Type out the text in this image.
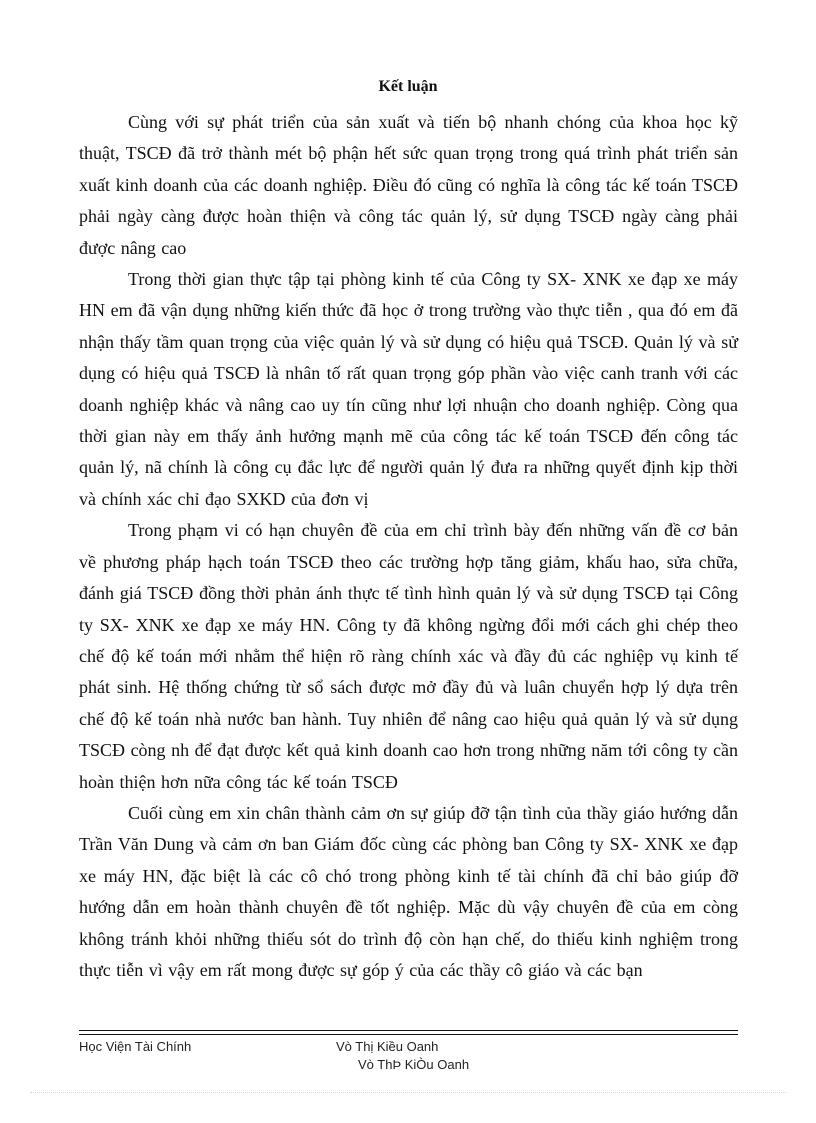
Kết luận

Cùng với sự phát triển của sản xuất và tiến bộ nhanh chóng của khoa học kỹ thuật, TSCĐ đã trở thành mét bộ phận hết sức quan trọng trong quá trình phát triển sản xuất kinh doanh của các doanh nghiệp. Điều đó cũng có nghĩa là công tác kế toán TSCĐ phải ngày càng được hoàn thiện và công tác quản lý, sử dụng TSCĐ ngày càng phải được nâng cao

Trong thời gian thực tập tại phòng kinh tế của Công ty SX- XNK xe đạp xe máy HN em đã vận dụng những kiến thức đã học ở trong trường vào thực tiễn , qua đó em đã nhận thấy tầm quan trọng của việc quản lý và sử dụng có hiệu quả TSCĐ. Quản lý và sử dụng có hiệu quả TSCĐ là nhân tố rất quan trọng góp phần vào việc canh tranh với các doanh nghiệp khác và nâng cao uy tín cũng như lợi nhuận cho doanh nghiệp. Còng qua thời gian này em thấy ảnh hưởng mạnh mẽ của công tác kế toán TSCĐ đến công tác quản lý, nã chính là công cụ đắc lực để người quản lý đưa ra những quyết định kịp thời và chính xác chỉ đạo SXKD của đơn vị

Trong phạm vi có hạn chuyên đề của em chỉ trình bày đến những vấn đề cơ bản về phương pháp hạch toán TSCĐ theo các trường hợp tăng giảm, khấu hao, sửa chữa, đánh giá TSCĐ đồng thời phản ánh thực tế tình hình quản lý và sử dụng TSCĐ tại Công ty SX- XNK xe đạp xe máy HN. Công ty đã không ngừng đổi mới cách ghi chép theo chế độ kế toán mới nhằm thể hiện rõ ràng chính xác và đầy đủ các nghiệp vụ kinh tế phát sinh. Hệ thống chứng từ sổ sách được mở đầy đủ và luân chuyển hợp lý dựa trên chế độ kế toán nhà nước ban hành. Tuy nhiên để nâng cao hiệu quả quản lý và sử dụng TSCĐ còng nh để đạt được kết quả kinh doanh cao hơn trong những năm tới công ty cần hoàn thiện hơn nữa công tác kế toán TSCĐ

Cuối cùng em xin chân thành cảm ơn sự giúp đỡ tận tình của thầy giáo hướng dẫn Trần Văn Dung và cảm ơn ban Giám đốc cùng các phòng ban Công ty SX- XNK xe đạp xe máy HN, đặc biệt là các cô chó trong phòng kinh tế tài chính đã chỉ bảo giúp đỡ hướng dẫn em hoàn thành chuyên đề tốt nghiệp. Mặc dù vậy chuyên đề của em còng không tránh khỏi những thiếu sót do trình độ còn hạn chế, do thiếu kinh nghiệm trong thực tiễn vì vậy em rất mong được sự góp ý của các thầy cô giáo và các bạn

Học Viện Tài Chính	Vò Thị Kiều Oanh
Vò ThÞ KiÒu Oanh
